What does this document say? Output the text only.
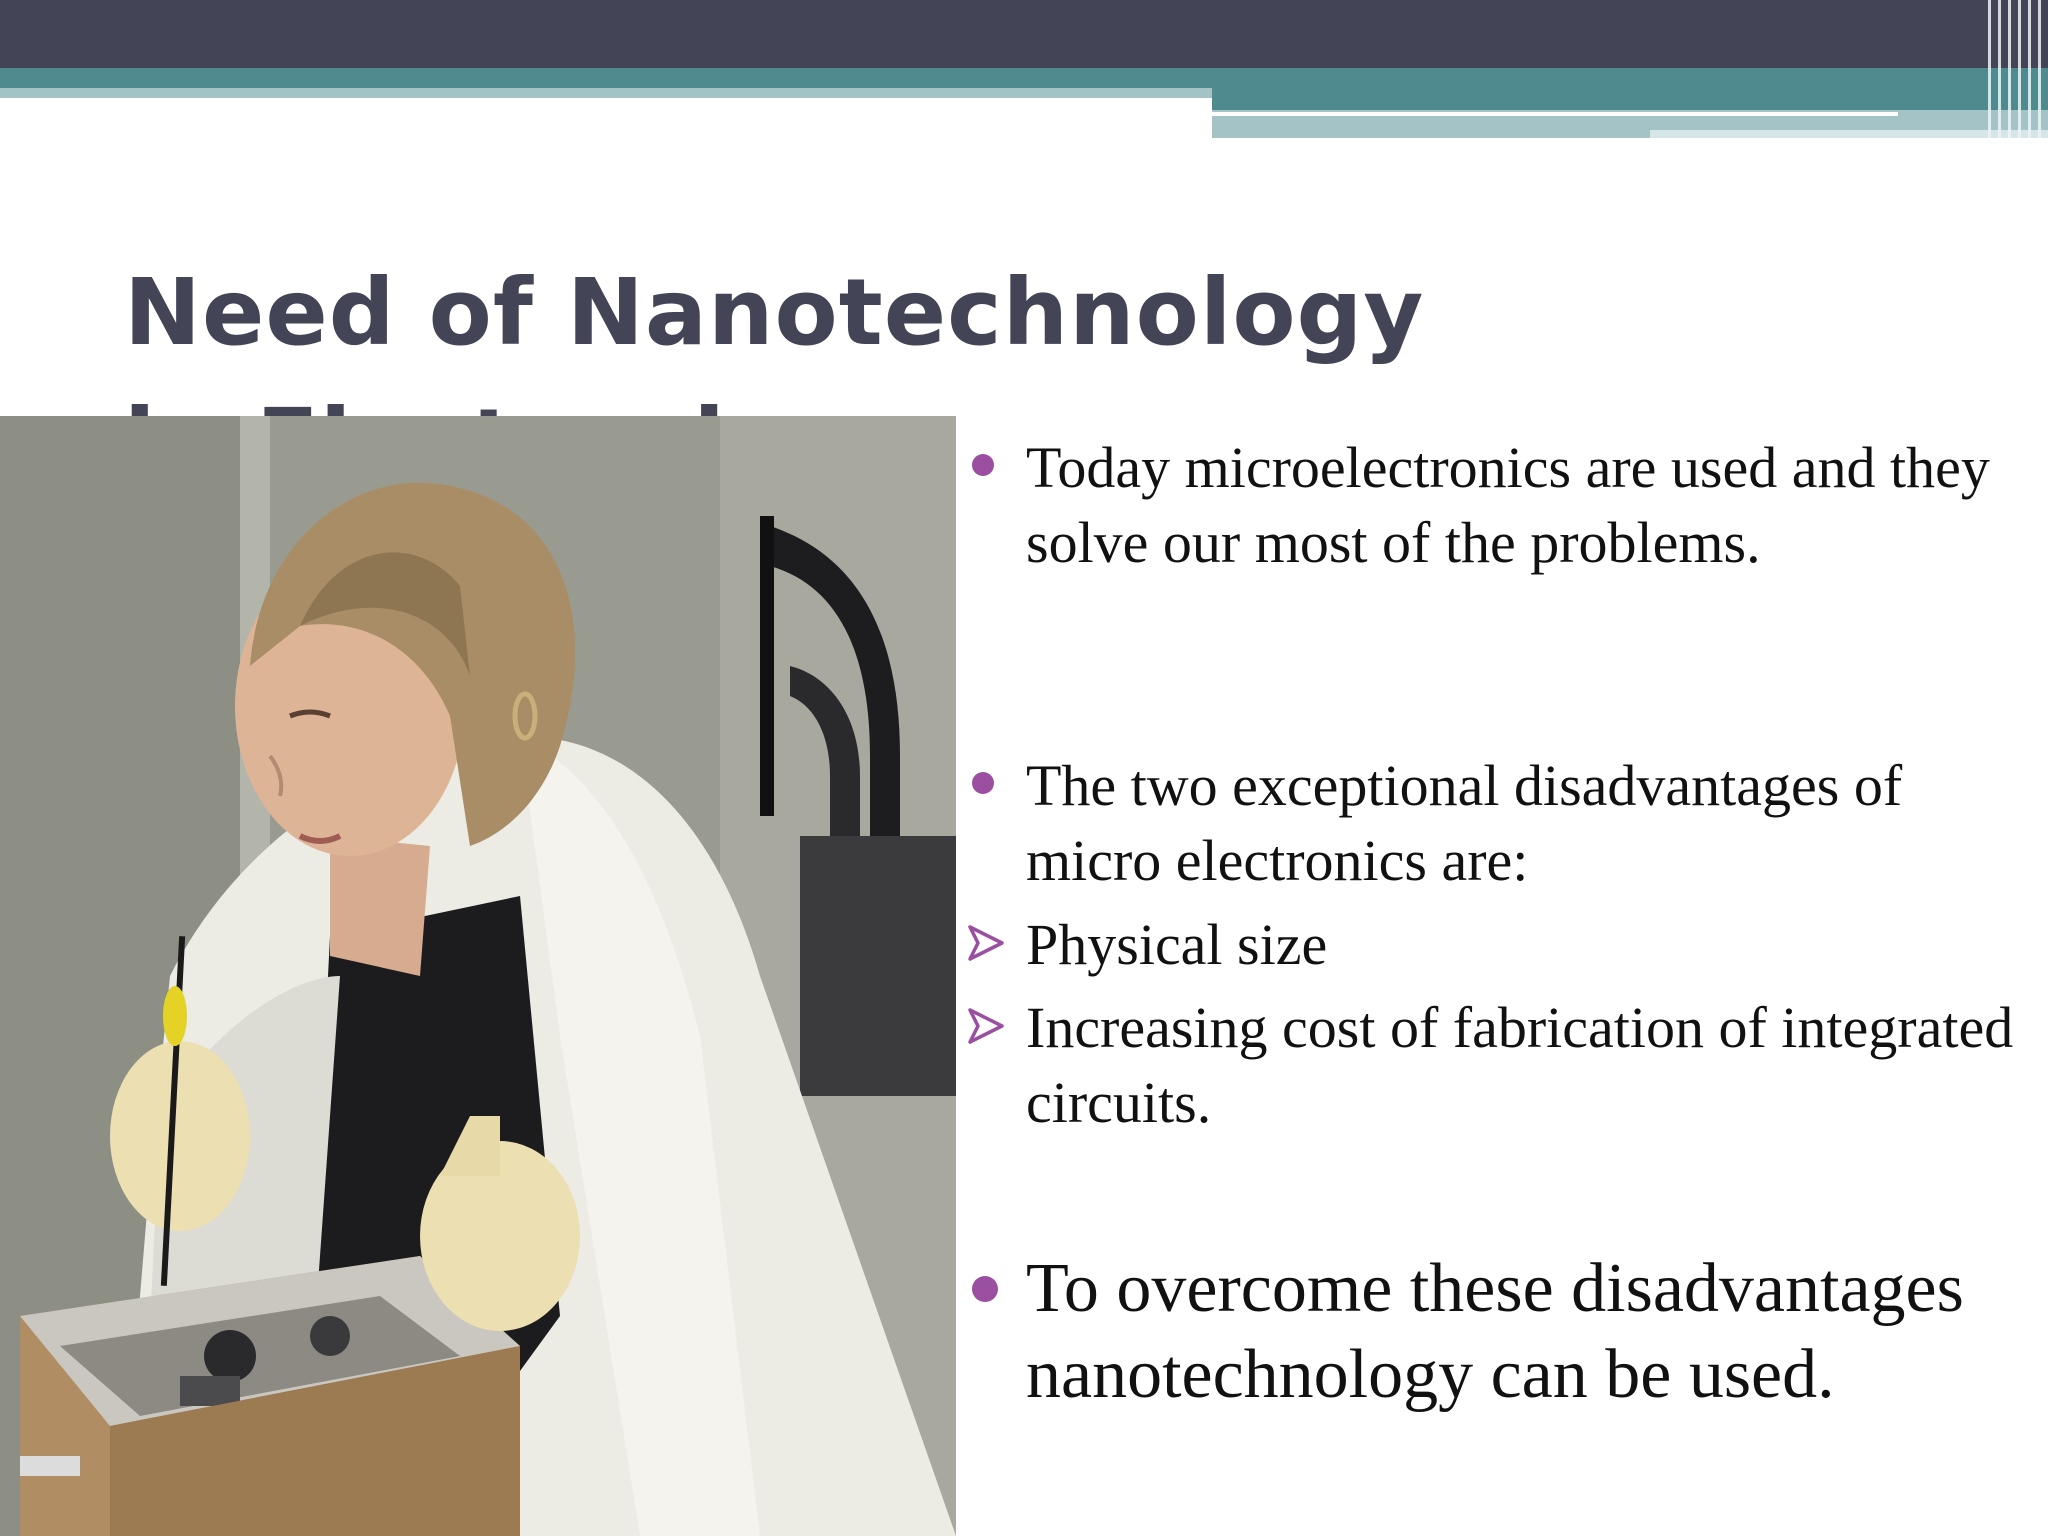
Need of Nanotechnology

Today microelectronics are used and they solve our most of the problems.

The two exceptional disadvantages of micro electronics are:

Physical size

Increasing cost of fabrication of integrated circuits.

To overcome these disadvantages nanotechnology can be used.
